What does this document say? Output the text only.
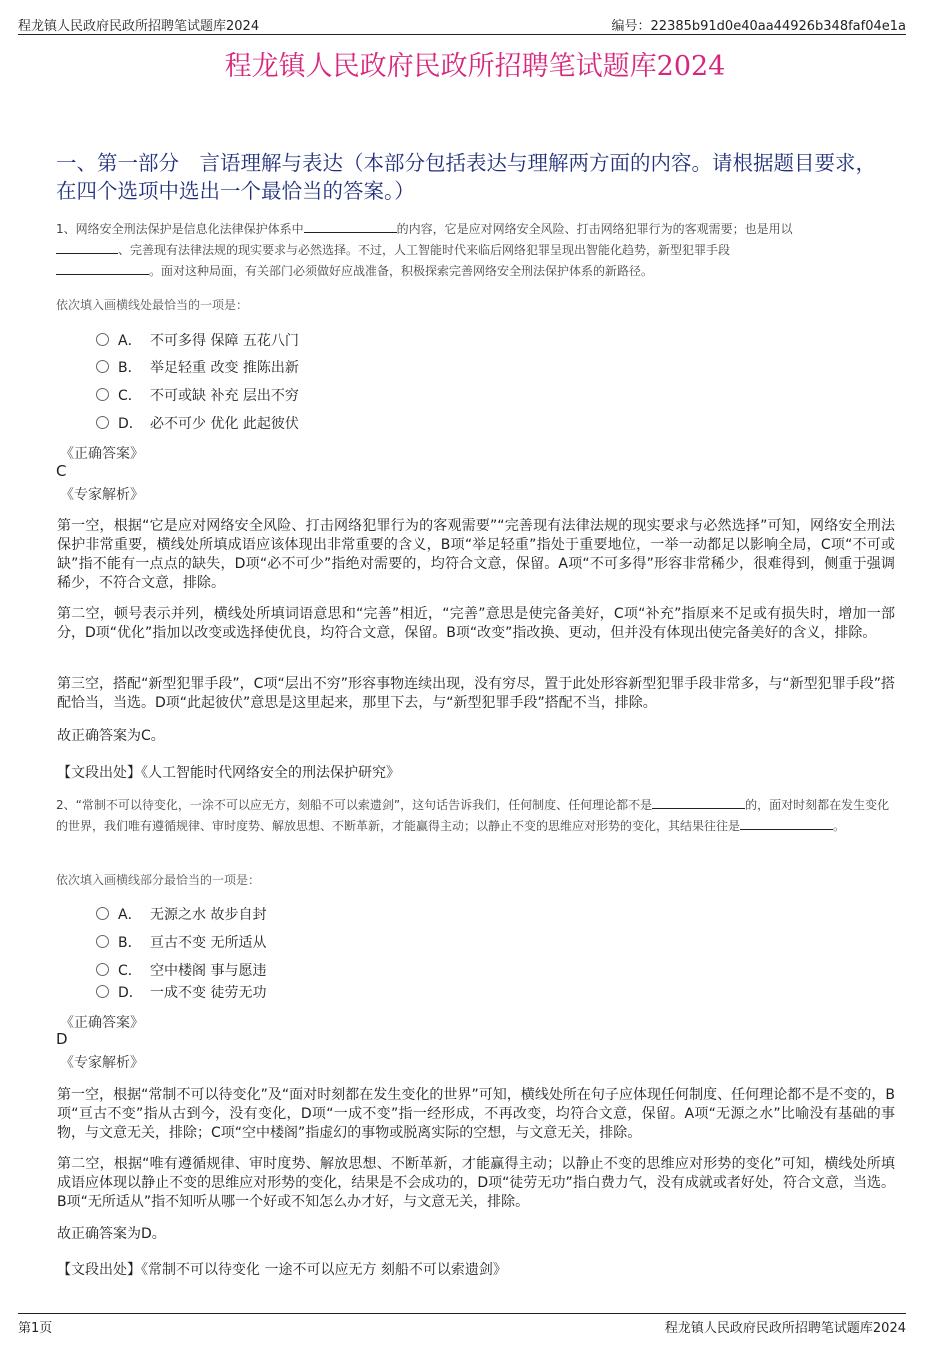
程龙镇人民政府民政所招聘笔试题库2024	编号：22385b91d0e40aa44926b348faf04e1a
程龙镇人民政府民政所招聘笔试题库2024
一、第一部分　言语理解与表达（本部分包括表达与理解两方面的内容。请根据题目要求，在四个选项中选出一个最恰当的答案。）
1、网络安全刑法保护是信息化法律保护体系中	的内容，它是应对网络安全风险、打击网络犯罪行为的客观需要；也是用以
、完善现有法律法规的现实要求与必然选择。不过，人工智能时代来临后网络犯罪呈现出智能化趋势，新型犯罪手段
。面对这种局面，有关部门必须做好应战准备，积极探索完善网络安全刑法保护体系的新路径。
依次填入画横线处最恰当的一项是：
A． 不可多得 保障 五花八门
B． 举足轻重 改变 推陈出新
C． 不可或缺 补充 层出不穷
D． 必不可少 优化 此起彼伏
《正确答案》
C
《专家解析》
第一空，根据“它是应对网络安全风险、打击网络犯罪行为的客观需要”“完善现有法律法规的现实要求与必然选择”可知，网络安全刑法保护非常重要，横线处所填成语应该体现出非常重要的含义，B项“举足轻重”指处于重要地位，一举一动都足以影响全局，C项“不可或缺”指不能有一点点的缺失，D项“必不可少”指绝对需要的，均符合文意，保留。A项“不可多得”形容非常稀少，很难得到，侧重于强调稀少，不符合文意，排除。
第二空，顿号表示并列，横线处所填词语意思和“完善”相近，“完善”意思是使完备美好，C项“补充”指原来不足或有损失时，增加一部分，D项“优化”指加以改变或选择使优良，均符合文意，保留。B项“改变”指改换、更动，但并没有体现出使完备美好的含义，排除。
第三空，搭配“新型犯罪手段”，C项“层出不穷”形容事物连续出现，没有穷尽，置于此处形容新型犯罪手段非常多，与“新型犯罪手段”搭配恰当，当选。D项“此起彼伏”意思是这里起来，那里下去，与“新型犯罪手段”搭配不当，排除。
故正确答案为C。
【文段出处】《人工智能时代网络安全的刑法保护研究》
2、“常制不可以待变化，一涂不可以应无方，刻船不可以索遗剑”，这句话告诉我们，任何制度、任何理论都不是	的，面对时刻都在发生变化的世界，我们唯有遵循规律、审时度势、解放思想、不断革新，才能赢得主动；以静止不变的思维应对形势的变化，其结果往往是	。
依次填入画横线部分最恰当的一项是：
A． 无源之水 故步自封
B． 亘古不变 无所适从
C． 空中楼阁 事与愿违
D． 一成不变 徒劳无功
《正确答案》
D
《专家解析》
第一空，根据“常制不可以待变化”及“面对时刻都在发生变化的世界”可知，横线处所在句子应体现任何制度、任何理论都不是不变的，B项“亘古不变”指从古到今，没有变化，D项“一成不变”指一经形成，不再改变，均符合文意，保留。A项“无源之水”比喻没有基础的事物，与文意无关，排除；C项“空中楼阁”指虚幻的事物或脱离实际的空想，与文意无关，排除。
第二空，根据“唯有遵循规律、审时度势、解放思想、不断革新，才能赢得主动；以静止不变的思维应对形势的变化”可知，横线处所填成语应体现以静止不变的思维应对形势的变化，结果是不会成功的，D项“徒劳无功”指白费力气，没有成就或者好处，符合文意，当选。B项“无所适从”指不知听从哪一个好或不知怎么办才好，与文意无关，排除。
故正确答案为D。
【文段出处】《常制不可以待变化 一途不可以应无方 刻船不可以索遗剑》
第1页	程龙镇人民政府民政所招聘笔试题库2024
